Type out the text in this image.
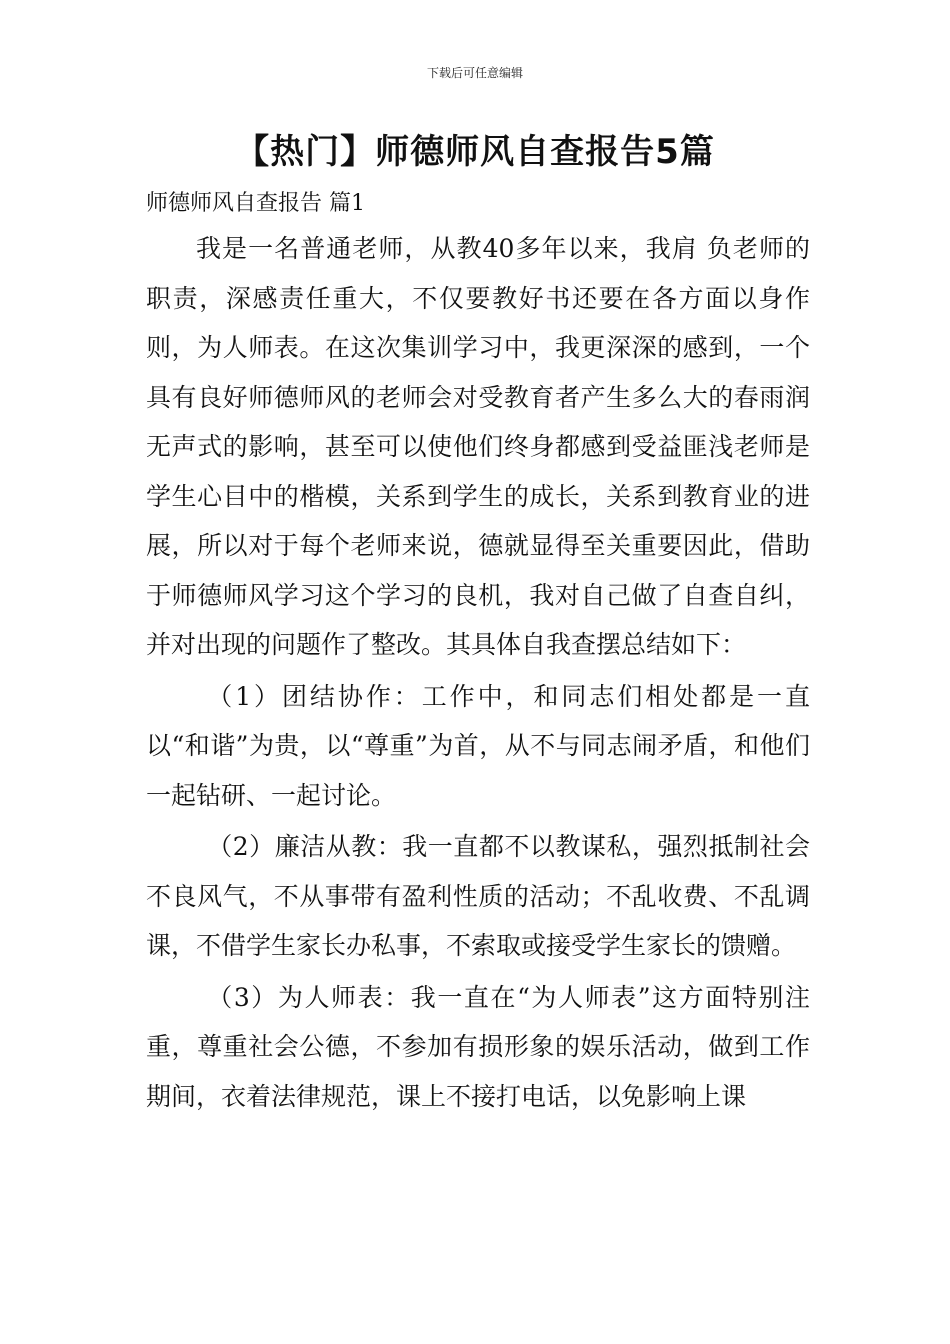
下载后可任意编辑
【热门】师德师风自查报告5篇
师德师风自查报告 篇1

我是一名普通老师，从教40多年以来，我肩 负老师的职责，深感责任重大，不仅要教好书还要在各方面以身作则，为人师表。在这次集训学习中，我更深深的感到，一个具有良好师德师风的老师会对受教育者产生多么大的春雨润无声式的影响，甚至可以使他们终身都感到受益匪浅老师是学生心目中的楷模，关系到学生的成长，关系到教育业的进展，所以对于每个老师来说，德就显得至关重要因此，借助于师德师风学习这个学习的良机，我对自己做了自查自纠，并对出现的问题作了整改。其具体自我查摆总结如下：

（1）团结协作：工作中，和同志们相处都是一直以“和谐”为贵，以“尊重”为首，从不与同志闹矛盾，和他们一起钻研、一起讨论。

（2）廉洁从教：我一直都不以教谋私，强烈抵制社会不良风气，不从事带有盈利性质的活动；不乱收费、不乱调课，不借学生家长办私事，不索取或接受学生家长的馈赠。

（3）为人师表：我一直在“为人师表”这方面特别注重，尊重社会公德，不参加有损形象的娱乐活动，做到工作期间，衣着法律规范，课上不接打电话，以免影响上课
